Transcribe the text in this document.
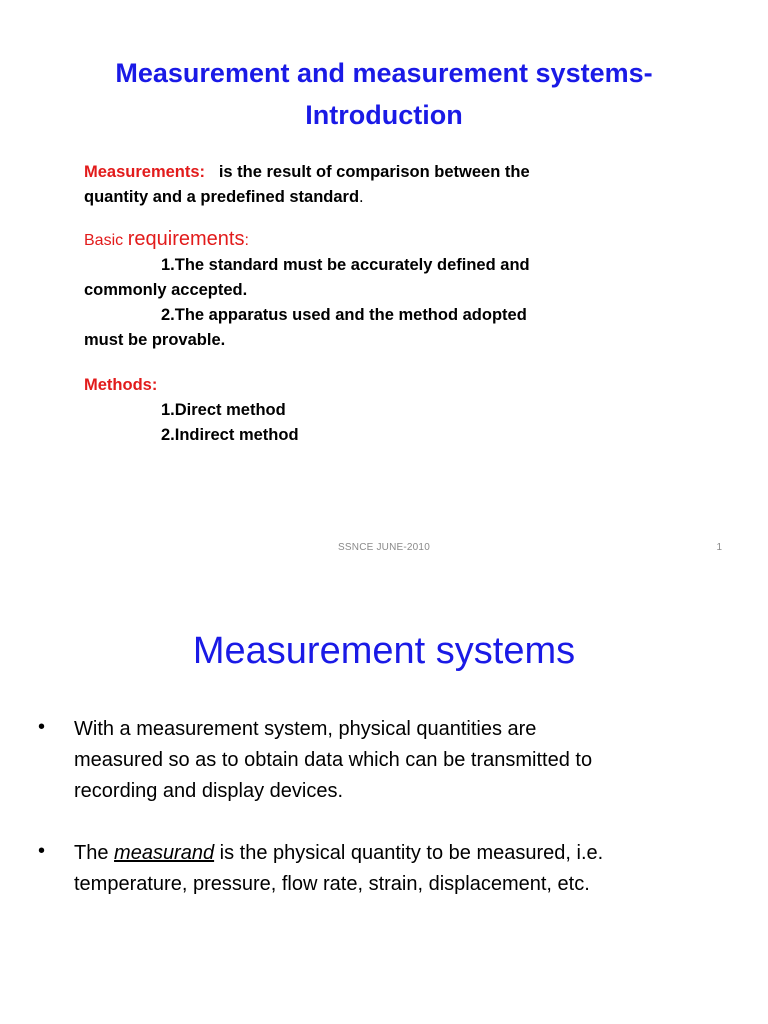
Measurement and measurement systems-
Introduction
Measurements: is the result of comparison between the
quantity and a predefined standard.
Basic requirements:
1.The standard must be accurately defined and
commonly accepted.
2.The apparatus used and the method adopted
must be provable.
Methods:
1.Direct method
2.Indirect method
SSNCE JUNE-2010	1
Measurement systems
• With a measurement system, physical quantities are
measured so as to obtain data which can be transmitted to
recording and display devices.
• The measurand is the physical quantity to be measured, i.e.
temperature, pressure, flow rate, strain, displacement, etc.
